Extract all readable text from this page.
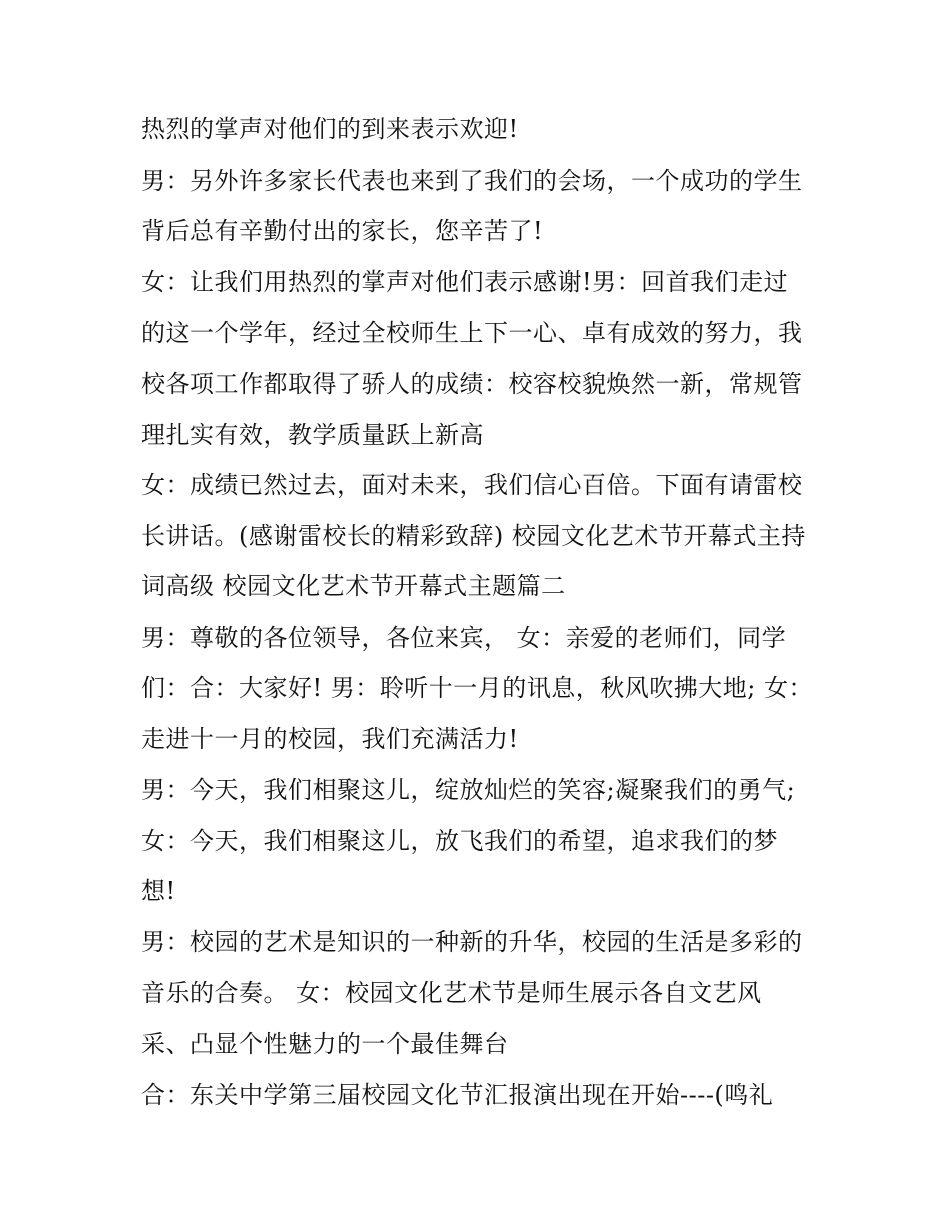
热烈的掌声对他们的到来表示欢迎!
男：另外许多家长代表也来到了我们的会场，一个成功的学生
背后总有辛勤付出的家长，您辛苦了!
女：让我们用热烈的掌声对他们表示感谢!男：回首我们走过
的这一个学年，经过全校师生上下一心、卓有成效的努力，我
校各项工作都取得了骄人的成绩：校容校貌焕然一新，常规管
理扎实有效，教学质量跃上新高
女：成绩已然过去，面对未来，我们信心百倍。下面有请雷校
长讲话。(感谢雷校长的精彩致辞) 校园文化艺术节开幕式主持
词高级 校园文化艺术节开幕式主题篇二
男：尊敬的各位领导，各位来宾， 女：亲爱的老师们，同学
们：合：大家好! 男：聆听十一月的讯息，秋风吹拂大地; 女：
走进十一月的校园，我们充满活力!
男：今天，我们相聚这儿，绽放灿烂的笑容;凝聚我们的勇气;
女：今天，我们相聚这儿，放飞我们的希望，追求我们的梦
想!
男：校园的艺术是知识的一种新的升华，校园的生活是多彩的
音乐的合奏。 女：校园文化艺术节是师生展示各自文艺风
采、凸显个性魅力的一个最佳舞台
合：东关中学第三届校园文化节汇报演出现在开始----(鸣礼
